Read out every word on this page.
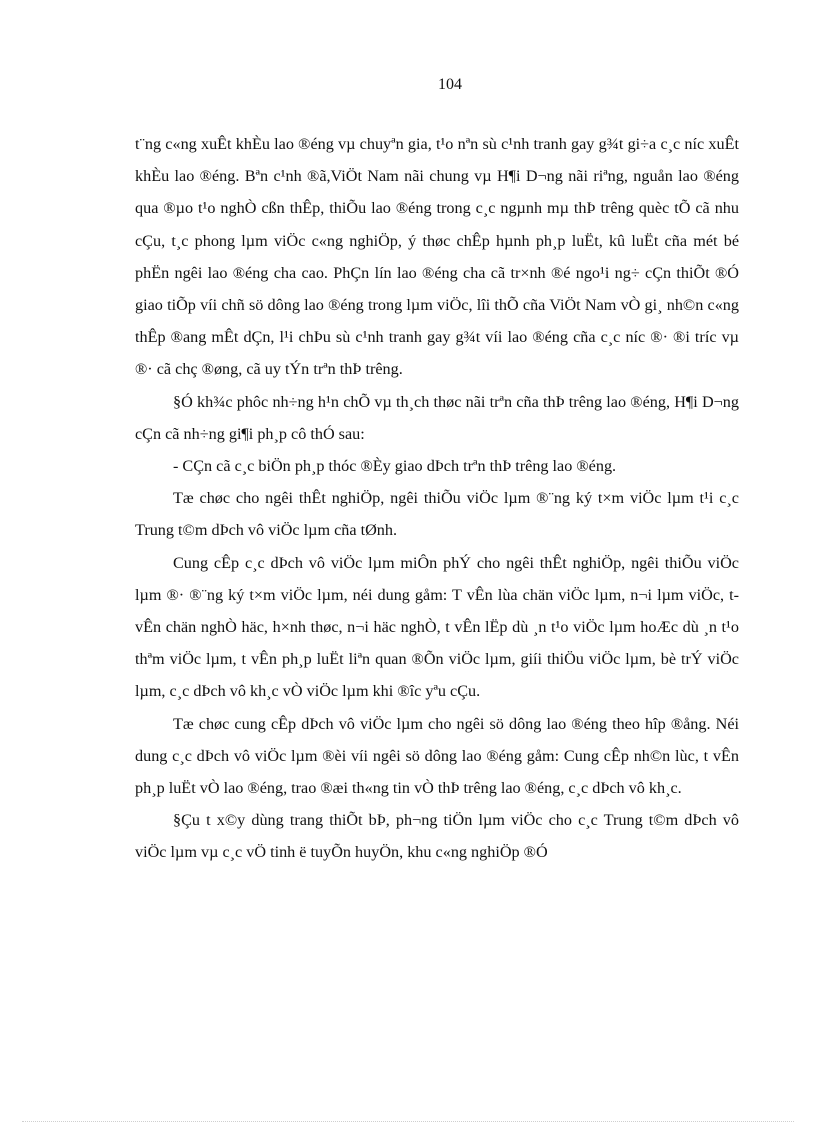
104

t¨ng c«ng xuÊt khÈu lao ®éng vµ chuyªn gia, t¹o nªn sù c¹nh tranh gay g¾t gi÷a c¸c níc xuÊt khÈu lao ®éng. Bªn c¹nh ®ã,ViÖt Nam nãi chung vµ H¶i D¬ng nãi riªng, nguån lao ®éng qua ®µo t¹o nghÒ cßn thÊp, thiÕu lao ®éng trong c¸c ngµnh mµ thÞ trêng quèc tÕ cã nhu cÇu, t¸c phong lµm viÖc c«ng nghiÖp, ý thøc chÊp hµnh ph¸p luËt, kû luËt cña mét bé phËn ngêi lao ®éng cha cao. PhÇn lín lao ®éng cha cã tr×nh ®é ngo¹i ng÷ cÇn thiÕt ®Ó giao tiÕp víi chñ sö dông lao ®éng trong lµm viÖc, lîi thÕ cña ViÖt Nam vÒ gi¸ nh©n c«ng thÊp ®ang mÊt dÇn, l¹i chÞu sù c¹nh tranh gay g¾t víi lao ®éng cña c¸c níc ®· ®i tríc vµ ®· cã chç ®øng, cã uy tÝn trªn thÞ trêng.

§Ó kh¾c phôc nh÷ng h¹n chÕ vµ th¸ch thøc nãi trªn cña thÞ trêng lao ®éng, H¶i D¬ng cÇn cã nh÷ng gi¶i ph¸p cô thÓ sau:

- CÇn cã c¸c biÖn ph¸p thóc ®Èy giao dÞch trªn thÞ trêng lao ®éng.

Tæ chøc cho ngêi thÊt nghiÖp, ngêi thiÕu viÖc lµm ®¨ng ký t×m viÖc lµm t¹i c¸c Trung t©m dÞch vô viÖc lµm cña tØnh.

Cung cÊp c¸c dÞch vô viÖc lµm miÔn phÝ cho ngêi thÊt nghiÖp, ngêi thiÕu viÖc lµm ®· ®¨ng ký t×m viÖc lµm, néi dung gåm: T vÊn lùa chän viÖc lµm, n¬i lµm viÖc, t vÊn chän nghÒ häc, h×nh thøc, n¬i häc nghÒ, t vÊn lËp dù ¸n t¹o viÖc lµm hoÆc dù ¸n t¹o thªm viÖc lµm, t vÊn ph¸p luËt liªn quan ®Õn viÖc lµm, giíi thiÖu viÖc lµm, bè trÝ viÖc lµm, c¸c dÞch vô kh¸c vÒ viÖc lµm khi ®îc yªu cÇu.

Tæ chøc cung cÊp dÞch vô viÖc lµm cho ngêi sö dông lao ®éng theo hîp ®ång. Néi dung c¸c dÞch vô viÖc lµm ®èi víi ngêi sö dông lao ®éng gåm: Cung cÊp nh©n lùc, t vÊn ph¸p luËt vÒ lao ®éng, trao ®æi th«ng tin vÒ thÞ trêng lao ®éng, c¸c dÞch vô kh¸c.

§Çu t x©y dùng trang thiÕt bÞ, ph¬ng tiÖn lµm viÖc cho c¸c Trung t©m dÞch vô viÖc lµm vµ c¸c vÖ tinh ë tuyÕn huyÖn, khu c«ng nghiÖp ®Ó
